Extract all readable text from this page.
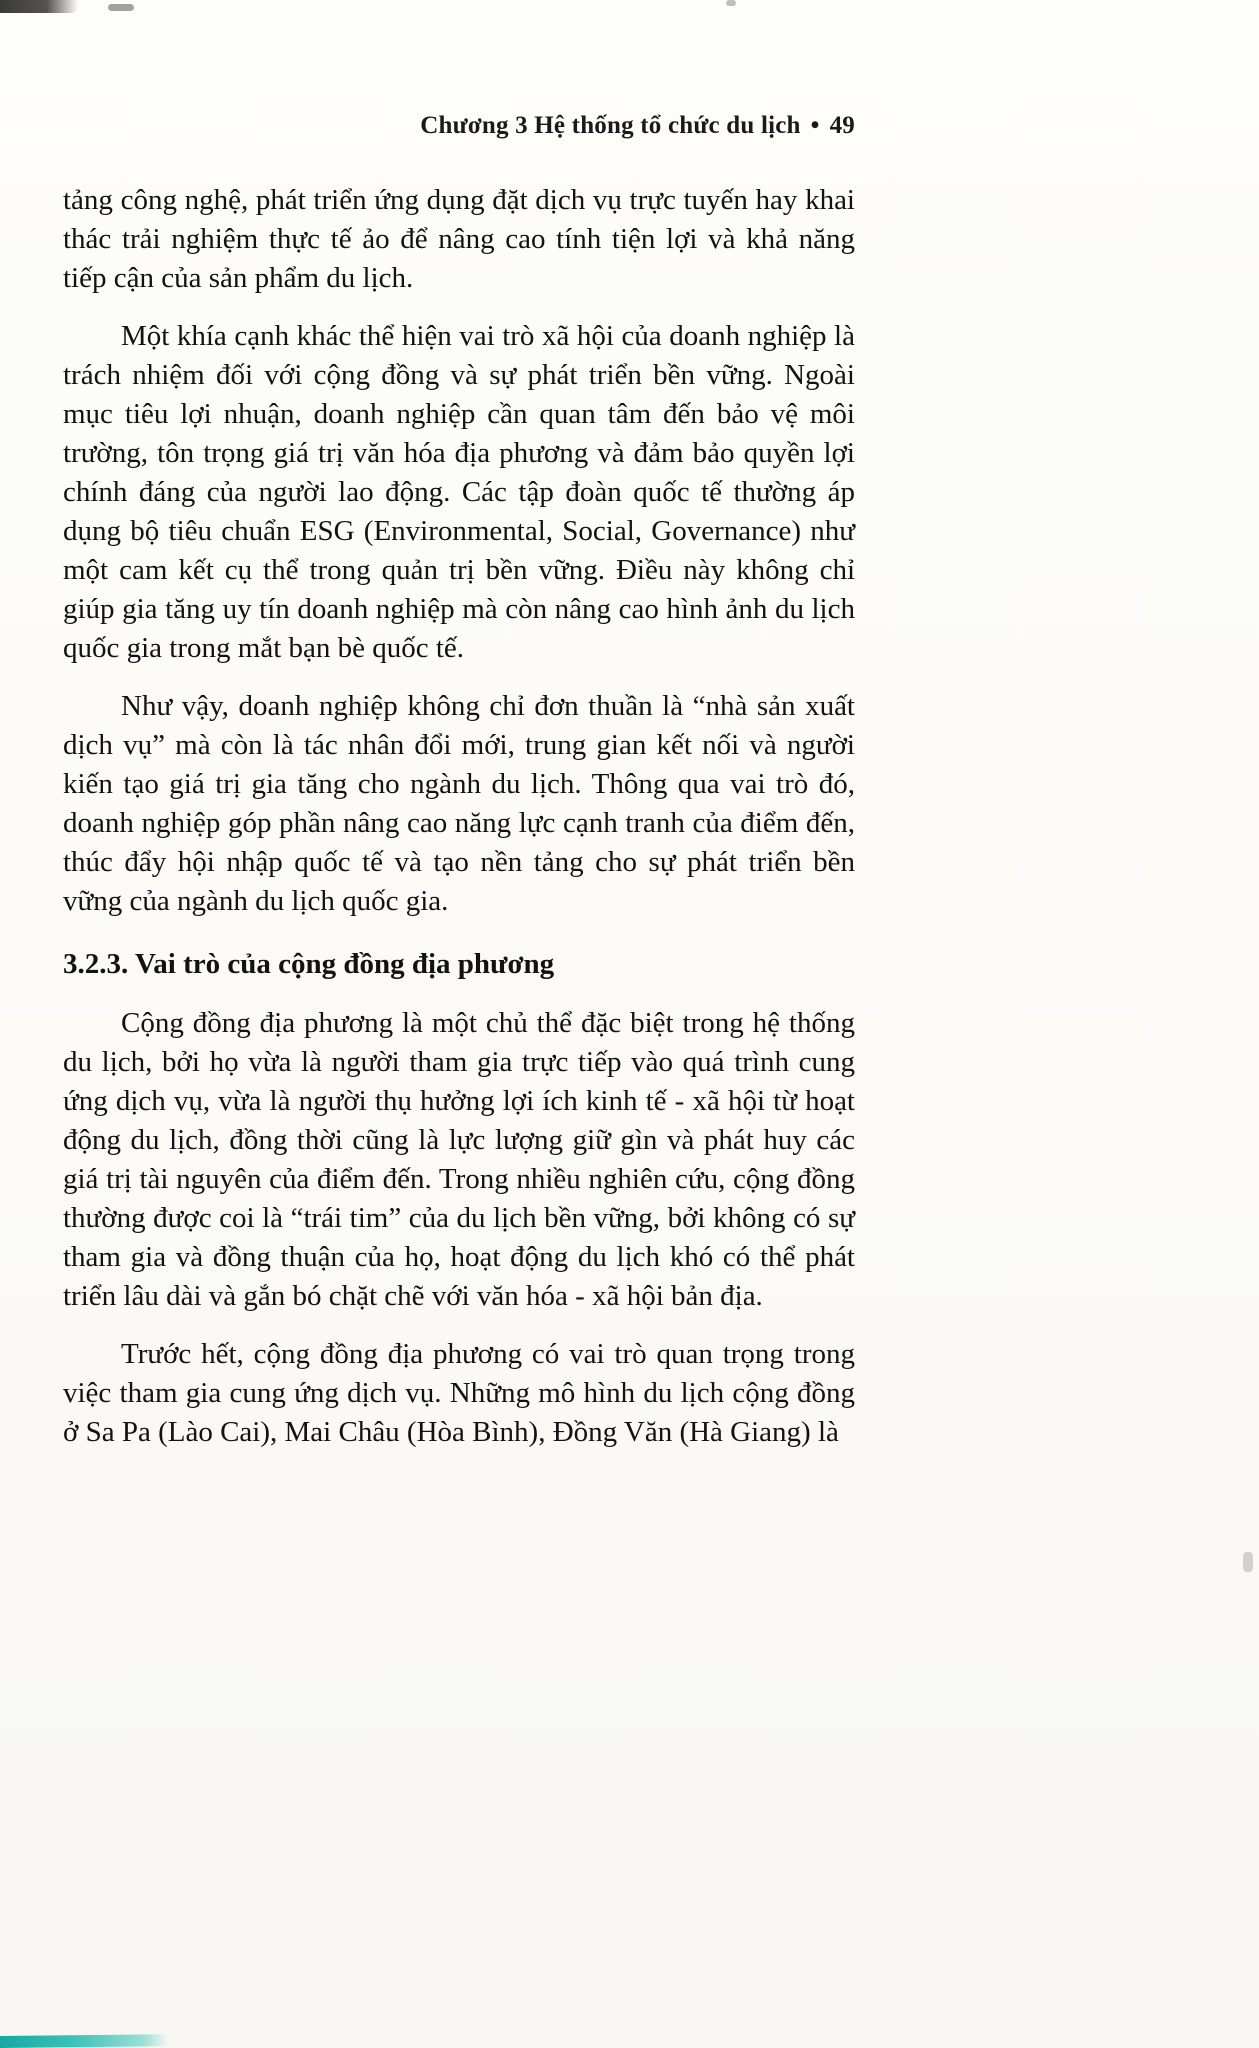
Chương 3 Hệ thống tổ chức du lịch • 49

tảng công nghệ, phát triển ứng dụng đặt dịch vụ trực tuyến hay khai thác trải nghiệm thực tế ảo để nâng cao tính tiện lợi và khả năng tiếp cận của sản phẩm du lịch.

Một khía cạnh khác thể hiện vai trò xã hội của doanh nghiệp là trách nhiệm đối với cộng đồng và sự phát triển bền vững. Ngoài mục tiêu lợi nhuận, doanh nghiệp cần quan tâm đến bảo vệ môi trường, tôn trọng giá trị văn hóa địa phương và đảm bảo quyền lợi chính đáng của người lao động. Các tập đoàn quốc tế thường áp dụng bộ tiêu chuẩn ESG (Environmental, Social, Governance) như một cam kết cụ thể trong quản trị bền vững. Điều này không chỉ giúp gia tăng uy tín doanh nghiệp mà còn nâng cao hình ảnh du lịch quốc gia trong mắt bạn bè quốc tế.

Như vậy, doanh nghiệp không chỉ đơn thuần là “nhà sản xuất dịch vụ” mà còn là tác nhân đổi mới, trung gian kết nối và người kiến tạo giá trị gia tăng cho ngành du lịch. Thông qua vai trò đó, doanh nghiệp góp phần nâng cao năng lực cạnh tranh của điểm đến, thúc đẩy hội nhập quốc tế và tạo nền tảng cho sự phát triển bền vững của ngành du lịch quốc gia.

3.2.3. Vai trò của cộng đồng địa phương

Cộng đồng địa phương là một chủ thể đặc biệt trong hệ thống du lịch, bởi họ vừa là người tham gia trực tiếp vào quá trình cung ứng dịch vụ, vừa là người thụ hưởng lợi ích kinh tế - xã hội từ hoạt động du lịch, đồng thời cũng là lực lượng giữ gìn và phát huy các giá trị tài nguyên của điểm đến. Trong nhiều nghiên cứu, cộng đồng thường được coi là “trái tim” của du lịch bền vững, bởi không có sự tham gia và đồng thuận của họ, hoạt động du lịch khó có thể phát triển lâu dài và gắn bó chặt chẽ với văn hóa - xã hội bản địa.

Trước hết, cộng đồng địa phương có vai trò quan trọng trong việc tham gia cung ứng dịch vụ. Những mô hình du lịch cộng đồng ở Sa Pa (Lào Cai), Mai Châu (Hòa Bình), Đồng Văn (Hà Giang) là
